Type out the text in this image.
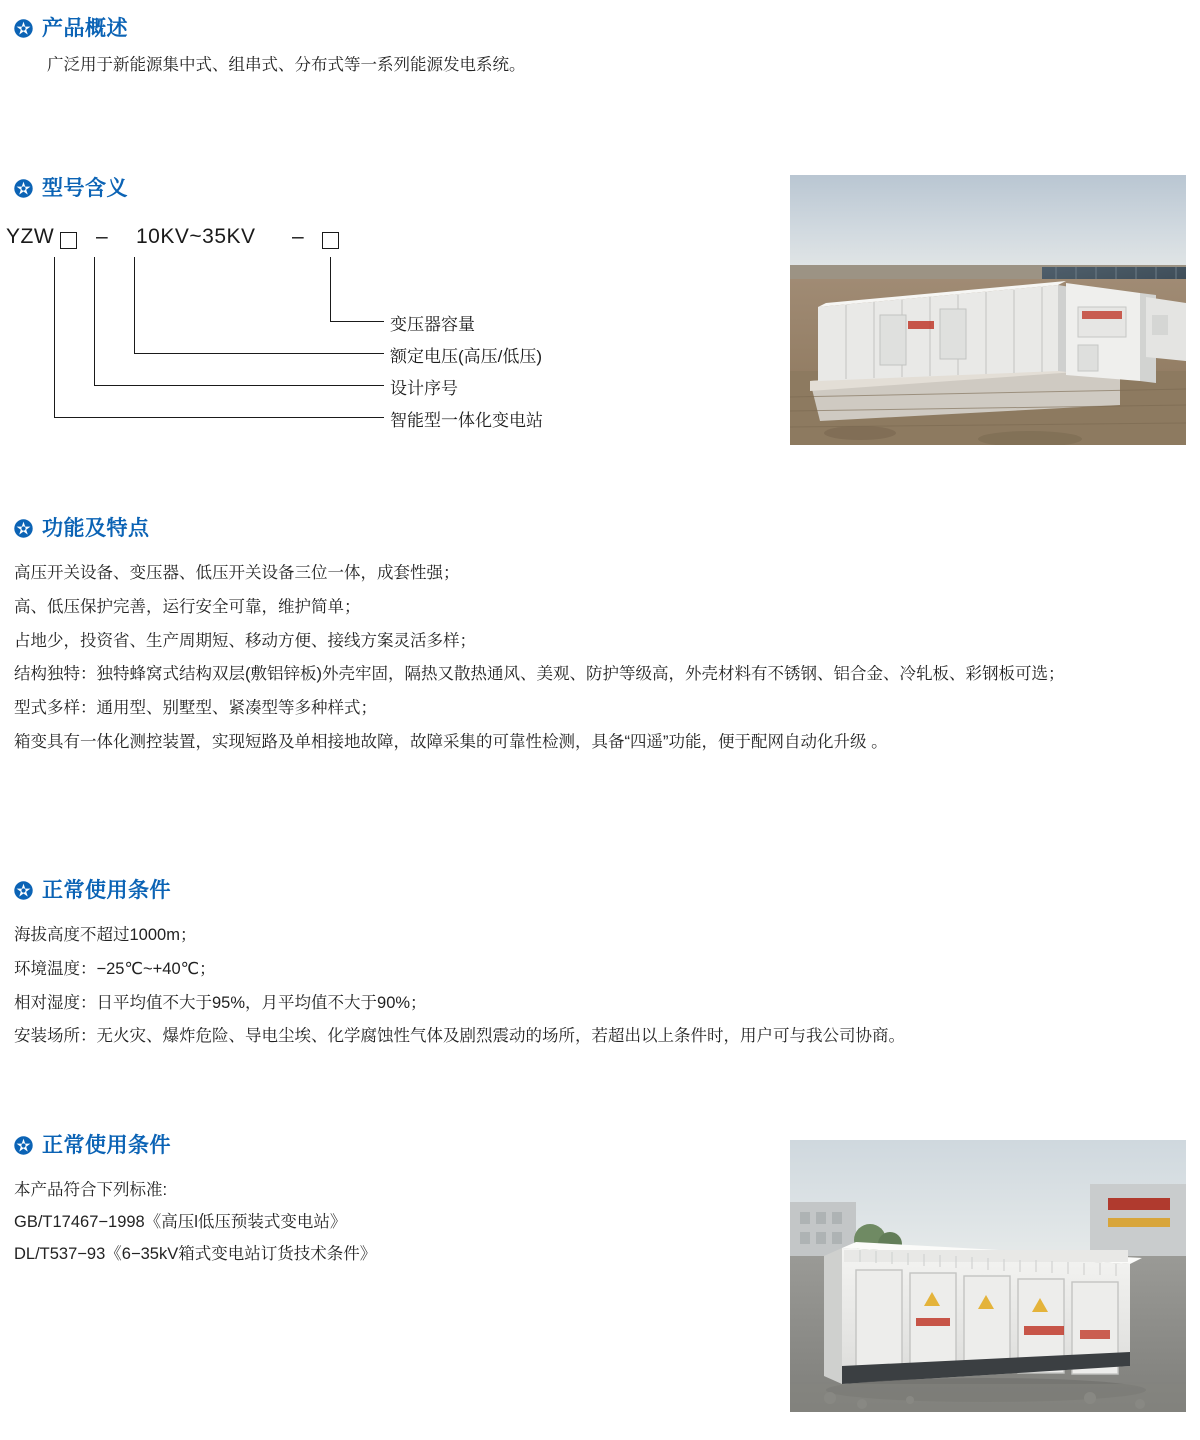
产品概述

广泛用于新能源集中式、组串式、分布式等一系列能源发电系统。

型号含义
YZW – 10KV~35KV –
变压器容量
额定电压(高压/低压)
设计序号
智能型一体化变电站
功能及特点

高压开关设备、变压器、低压开关设备三位一体，成套性强；

高、低压保护完善，运行安全可靠，维护简单；

占地少，投资省、生产周期短、移动方便、接线方案灵活多样；

结构独特： 独特蜂窝式结构双层(敷铝锌板)外壳牢固，隔热又散热通风、美观、防护等级高，外壳材料有不锈钢、铝合金、冷轧板、彩钢板可选；

型式多样：通用型、别墅型、紧凑型等多种样式；

箱变具有一体化测控装置，实现短路及单相接地故障，故障采集的可靠性检测，具备“四遥”功能，便于配网自动化升级 。

正常使用条件

海拔高度不超过1000m；

环境温度：−25℃~+40℃；

相对湿度：日平均值不大于95%，月平均值不大于90%；

安装场所：无火灾、爆炸危险、导电尘埃、化学腐蚀性气体及剧烈震动的场所，若超出以上条件时，用户可与我公司协商。

正常使用条件

本产品符合下列标准:

GB/T17467−1998《高压l低压预装式变电站》

DL/T537−93《6−35kV箱式变电站订货技术条件》
